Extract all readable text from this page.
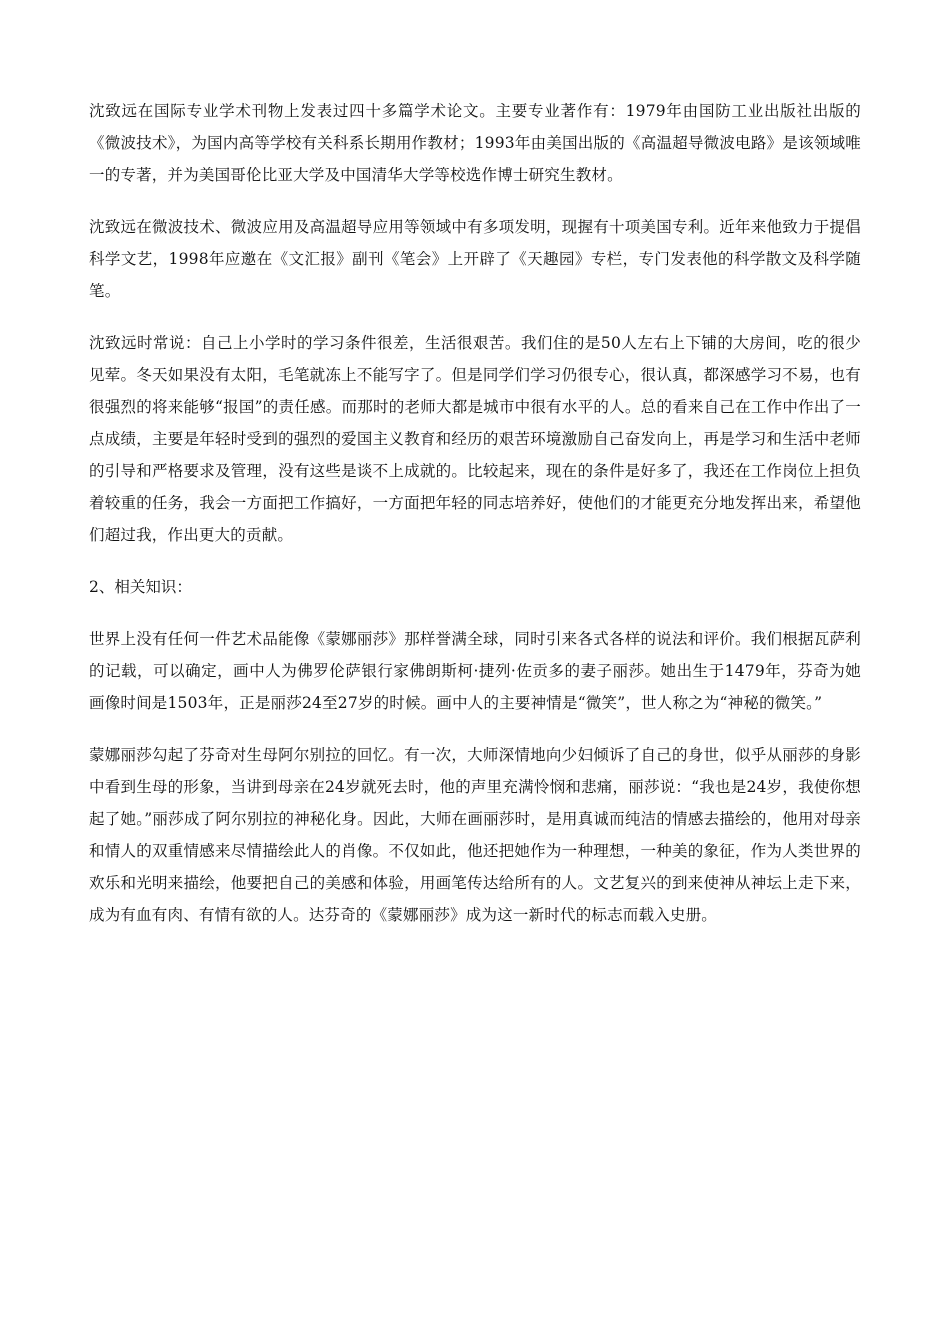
沈致远在国际专业学术刊物上发表过四十多篇学术论文。主要专业著作有：1979年由国防工业出版社出版的《微波技术》，为国内高等学校有关科系长期用作教材；1993年由美国出版的《高温超导微波电路》是该领域唯一的专著，并为美国哥伦比亚大学及中国清华大学等校选作博士研究生教材。

沈致远在微波技术、微波应用及高温超导应用等领域中有多项发明，现握有十项美国专利。近年来他致力于提倡科学文艺，1998年应邀在《文汇报》副刊《笔会》上开辟了《天趣园》专栏，专门发表他的科学散文及科学随笔。

沈致远时常说：自己上小学时的学习条件很差，生活很艰苦。我们住的是50人左右上下铺的大房间，吃的很少见荤。冬天如果没有太阳，毛笔就冻上不能写字了。但是同学们学习仍很专心，很认真，都深感学习不易，也有很强烈的将来能够“报国”的责任感。而那时的老师大都是城市中很有水平的人。总的看来自己在工作中作出了一点成绩，主要是年轻时受到的强烈的爱国主义教育和经历的艰苦环境激励自己奋发向上，再是学习和生活中老师的引导和严格要求及管理，没有这些是谈不上成就的。比较起来，现在的条件是好多了，我还在工作岗位上担负着较重的任务，我会一方面把工作搞好，一方面把年轻的同志培养好，使他们的才能更充分地发挥出来，希望他们超过我，作出更大的贡献。

2、相关知识：

世界上没有任何一件艺术品能像《蒙娜丽莎》那样誉满全球，同时引来各式各样的说法和评价。我们根据瓦萨利的记载，可以确定，画中人为佛罗伦萨银行家佛朗斯柯·捷列·佐贡多的妻子丽莎。她出生于1479年，芬奇为她画像时间是1503年，正是丽莎24至27岁的时候。画中人的主要神情是“微笑”，世人称之为“神秘的微笑。”

蒙娜丽莎勾起了芬奇对生母阿尔别拉的回忆。有一次，大师深情地向少妇倾诉了自己的身世，似乎从丽莎的身影中看到生母的形象，当讲到母亲在24岁就死去时，他的声里充满怜悯和悲痛，丽莎说：“我也是24岁，我使你想起了她。”丽莎成了阿尔别拉的神秘化身。因此，大师在画丽莎时，是用真诚而纯洁的情感去描绘的，他用对母亲和情人的双重情感来尽情描绘此人的肖像。不仅如此，他还把她作为一种理想，一种美的象征，作为人类世界的欢乐和光明来描绘，他要把自己的美感和体验，用画笔传达给所有的人。文艺复兴的到来使神从神坛上走下来，成为有血有肉、有情有欲的人。达芬奇的《蒙娜丽莎》成为这一新时代的标志而载入史册。
